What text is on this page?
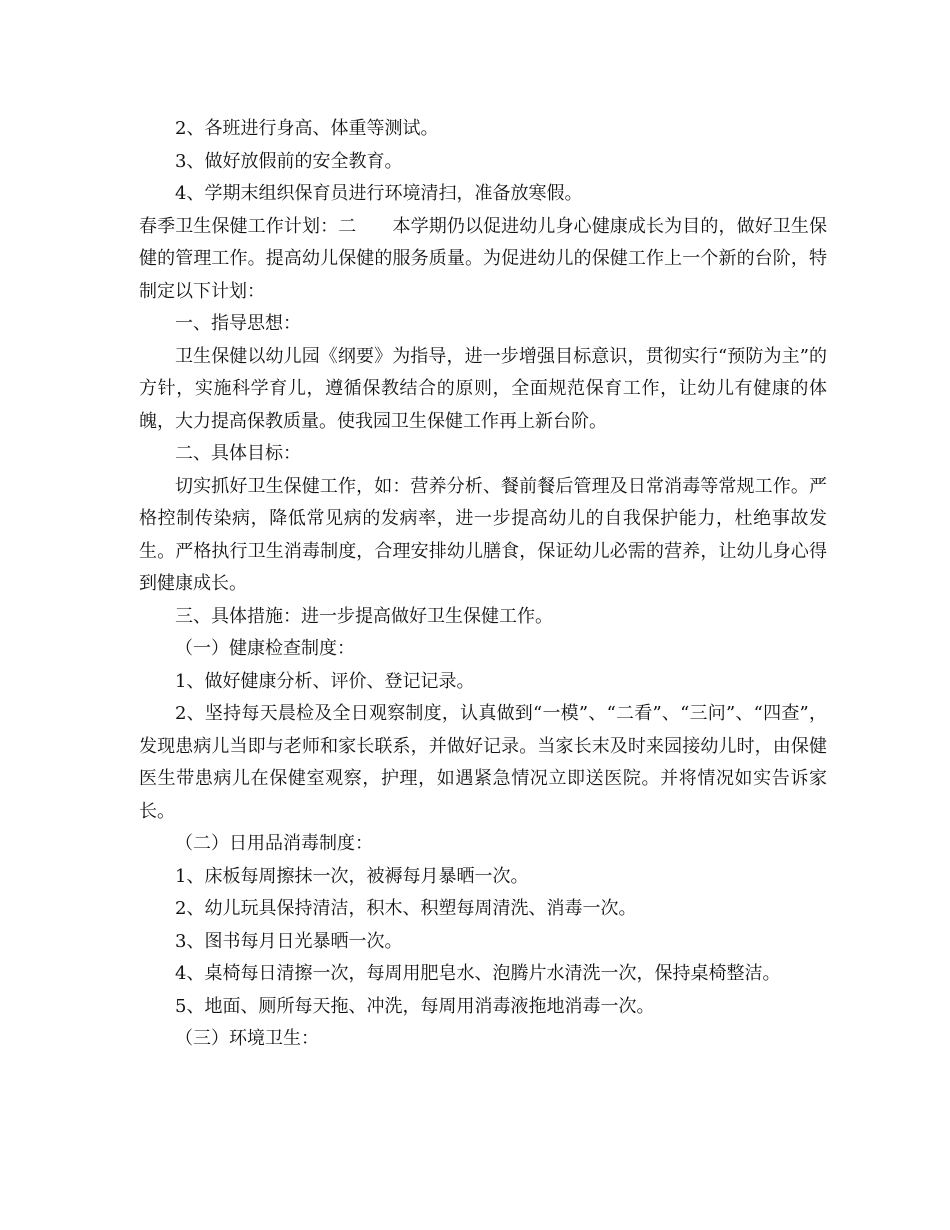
2、各班进行身高、体重等测试。

3、做好放假前的安全教育。

4、学期末组织保育员进行环境清扫，准备放寒假。

春季卫生保健工作计划：二　　本学期仍以促进幼儿身心健康成长为目的，做好卫生保健的管理工作。提高幼儿保健的服务质量。为促进幼儿的保健工作上一个新的台阶，特制定以下计划：

一、指导思想：

卫生保健以幼儿园《纲要》为指导，进一步增强目标意识，贯彻实行“预防为主”的方针，实施科学育儿，遵循保教结合的原则，全面规范保育工作，让幼儿有健康的体魄，大力提高保教质量。使我园卫生保健工作再上新台阶。

二、具体目标：

切实抓好卫生保健工作，如：营养分析、餐前餐后管理及日常消毒等常规工作。严格控制传染病，降低常见病的发病率，进一步提高幼儿的自我保护能力，杜绝事故发生。严格执行卫生消毒制度，合理安排幼儿膳食，保证幼儿必需的营养，让幼儿身心得到健康成长。

三、具体措施：进一步提高做好卫生保健工作。

（一）健康检查制度：

1、做好健康分析、评价、登记记录。

2、坚持每天晨检及全日观察制度，认真做到“一模”、“二看”、“三问”、“四查”，发现患病儿当即与老师和家长联系，并做好记录。当家长末及时来园接幼儿时，由保健医生带患病儿在保健室观察，护理，如遇紧急情况立即送医院。并将情况如实告诉家长。

（二）日用品消毒制度：

1、床板每周擦抹一次，被褥每月暴晒一次。

2、幼儿玩具保持清洁，积木、积塑每周清洗、消毒一次。

3、图书每月日光暴晒一次。

4、桌椅每日清擦一次，每周用肥皂水、泡腾片水清洗一次，保持桌椅整洁。

5、地面、厕所每天拖、冲洗，每周用消毒液拖地消毒一次。

（三）环境卫生：
